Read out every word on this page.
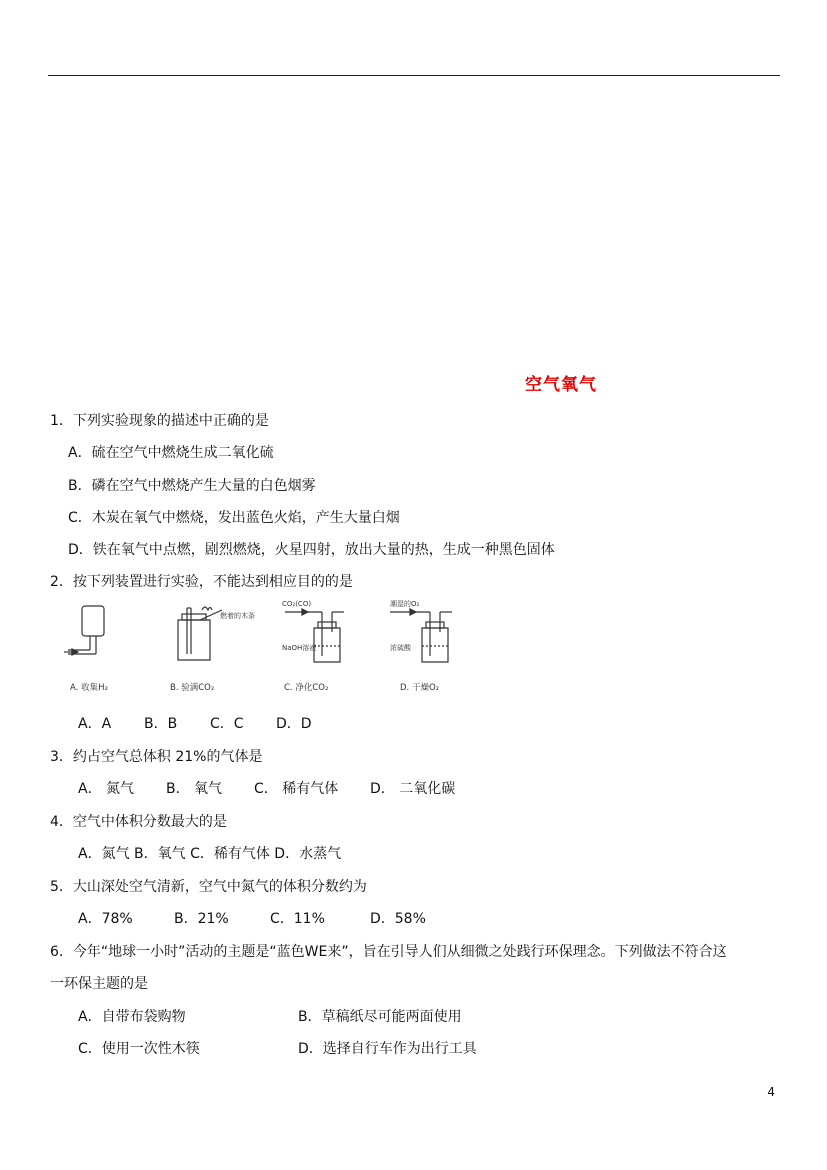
空气氧气
1．下列实验现象的描述中正确的是
A．硫在空气中燃烧生成二氧化硫
B．磷在空气中燃烧产生大量的白色烟雾
C．木炭在氧气中燃烧，发出蓝色火焰，产生大量白烟
D．铁在氧气中点燃，剧烈燃烧，火星四射，放出大量的热，生成一种黑色固体
2．按下列装置进行实验，不能达到相应目的的是
A. 收集H₂
燃着的木条
B. 验满CO₂
CO₂(CO)
NaOH溶液
C. 净化CO₂
潮湿的O₂
浓硫酸
D. 干燥O₂
A．A B．B C．C D．D
3．约占空气总体积 21%的气体是
A． 氮气 B． 氧气 C． 稀有气体 D． 二氧化碳
4．空气中体积分数最大的是
A．氮气 B．氧气 C．稀有气体 D．水蒸气
5．大山深处空气清新，空气中氮气的体积分数约为
A．78%	B．21%	C．11%	D．58%
6．今年“地球一小时”活动的主题是“蓝色WE来”，旨在引导人们从细微之处践行环保理念。下列做法不符合这
一环保主题的是
A．自带布袋购物	B．草稿纸尽可能两面使用
C．使用一次性木筷	D．选择自行车作为出行工具
4
